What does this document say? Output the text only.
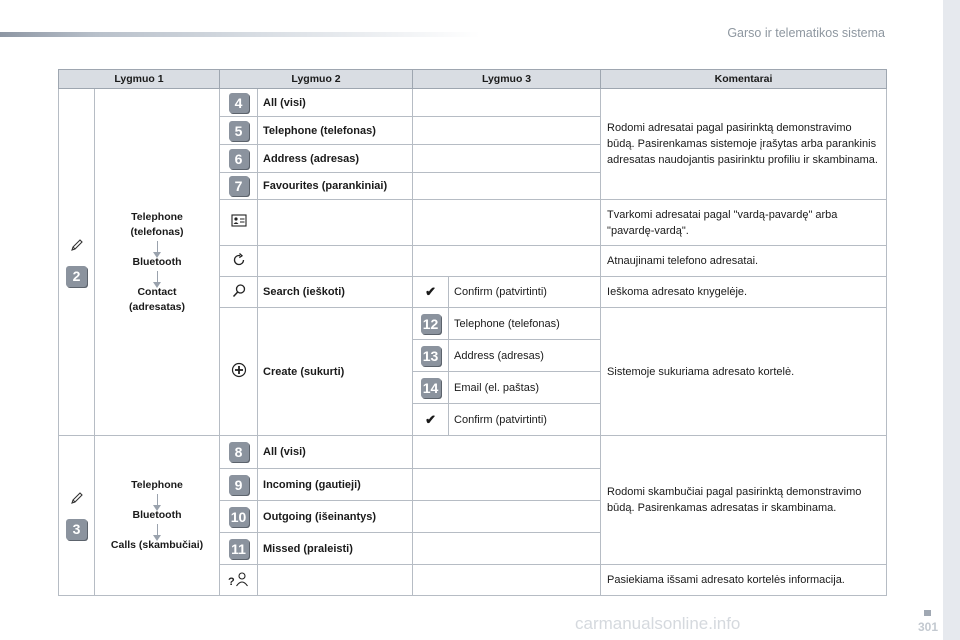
Garso ir telematikos sistema
301
carmanualsonline.info
Lygmuo 1		Lygmuo 2		Lygmuo 3		Komentarai

2	Telephone (telefonas)
Bluetooth
Contact (adresatas)	4	All (visi)			Rodomi adresatai pagal pasirinktą demonstravimo būdą. Pasirenkamas sistemoje įrašytas arba parankinis adresatas naudojantis pasirinktu profiliu ir skambinama.
		5	Telephone (telefonas)			
		6	Address (adresas)			
		7	Favourites (parankiniai)			
			Tvarkomi adresatai pagal "vardą-pavardę" arba "pavardę-vardą".
			Atnaujinami telefono adresatai.
	Search (ieškoti)	✔	Confirm (patvirtinti)	Ieškoma adresato knygelėje.
	Create (sukurti)	12	Telephone (telefonas)	Sistemoje sukuriama adresato kortelė.
				13	Address (adresas)	
				14	Email (el. paštas)	
				✔	Confirm (patvirtinti)	

3	Telephone
Bluetooth
Calls (skambučiai)	8	All (visi)			Rodomi skambučiai pagal pasirinktą demonstravimo būdą. Pasirenkamas adresatas ir skambinama.
		9	Incoming (gautieji)			
		10	Outgoing (išeinantys)			
		11	Missed (praleisti)			

?				Pasiekiama išsami adresato kortelės informacija.
